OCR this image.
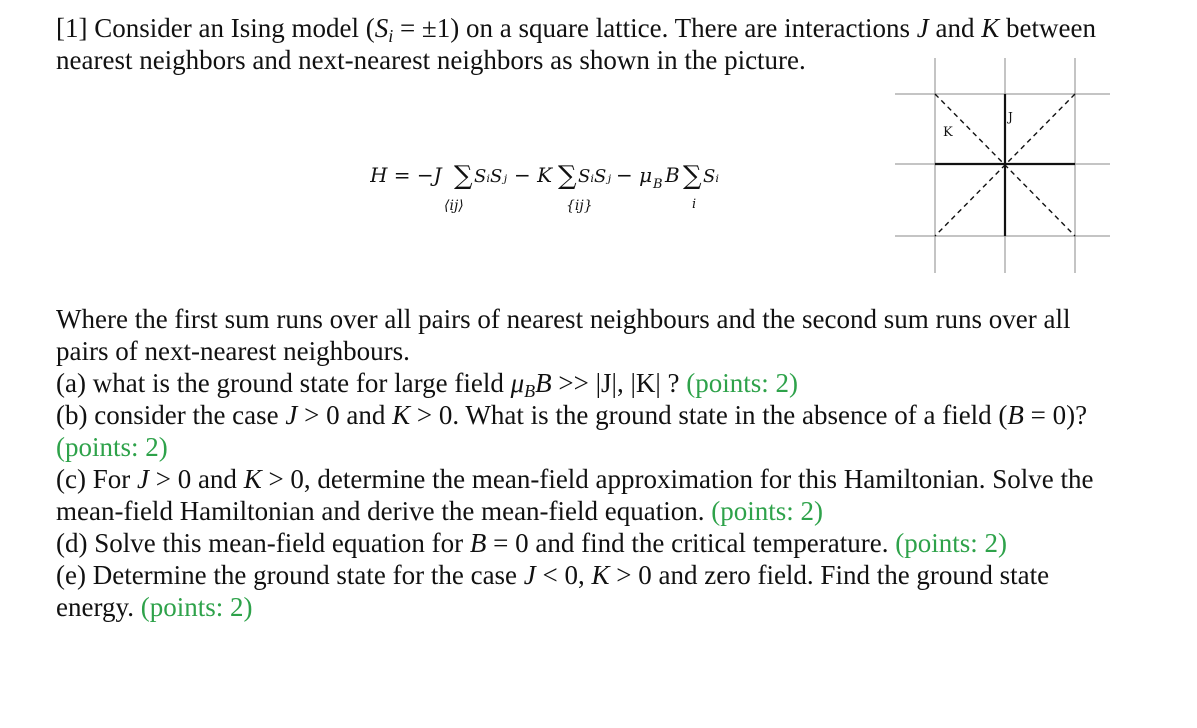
[1] Consider an Ising model $(S_i = \pm 1)$ on a square lattice. There are interactions J and K between

nearest neighbors and next-nearest neighbors as shown in the picture.

H = −J ∑ SᵢSⱼ
⟨ij⟩
− K ∑ SᵢSⱼ
{ij}
− μ B B ∑ Sᵢ
i
K
J

Where the first sum runs over all pairs of nearest neighbours and the second sum runs over all

pairs of next-nearest neighbours.

(a) what is the ground state for large field $\mu_BB >> |J|$, |K| ? (points: 2)

(b) consider the case J > 0 and K > 0. What is the ground state in the absence of a field (B = 0)?

(points: 2)

(c) For J > 0 and K > 0, determine the mean-field approximation for this Hamiltonian. Solve the

mean-field Hamiltonian and derive the mean-field equation. (points: 2)

(d) Solve this mean-field equation for B = 0 and find the critical temperature. (points: 2)

(e) Determine the ground state for the case J < 0, K > 0 and zero field. Find the ground state

energy. (points: 2)
